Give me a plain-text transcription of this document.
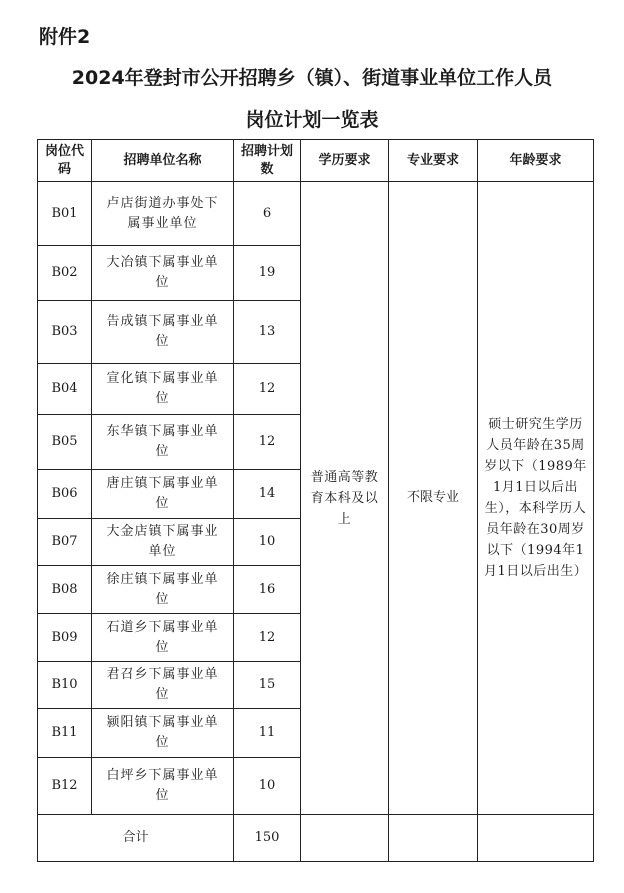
附件2
2024年登封市公开招聘乡（镇）、街道事业单位工作人员
岗位计划一览表
岗位代码	招聘单位名称	招聘计划数	学历要求	专业要求	年龄要求
B01	卢店街道办事处下属事业单位	6	普通高等教育本科及以上	不限专业	硕士研究生学历人员年龄在35周岁以下（1989年1月1日以后出生），本科学历人员年龄在30周岁以下（1994年1月1日以后出生）
B02	大冶镇下属事业单位	19			
B03	告成镇下属事业单位	13			
B04	宣化镇下属事业单位	12			
B05	东华镇下属事业单位	12			
B06	唐庄镇下属事业单位	14			
B07	大金店镇下属事业单位	10			
B08	徐庄镇下属事业单位	16			
B09	石道乡下属事业单位	12			
B10	君召乡下属事业单位	15			
B11	颍阳镇下属事业单位	11			
B12	白坪乡下属事业单位	10			
合计		150			
